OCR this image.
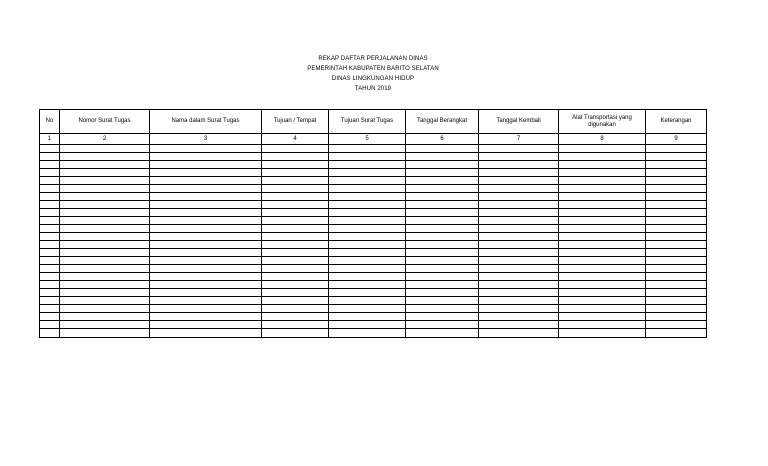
REKAP DAFTAR PERJALANAN DINAS
PEMERINTAH KABUPATEN BARITO SELATAN
DINAS LINGKUNGAN HIDUP
TAHUN 2019
No	Nomor Surat Tugas	Nama dalam Surat Tugas	Tujuan / Tempat	Tujuan Surat Tugas	Tanggal Berangkat	Tanggal Kembali	Alat Transportasi yang digunakan	Keterangan
1	2	3	4	5	6	7	8	9
